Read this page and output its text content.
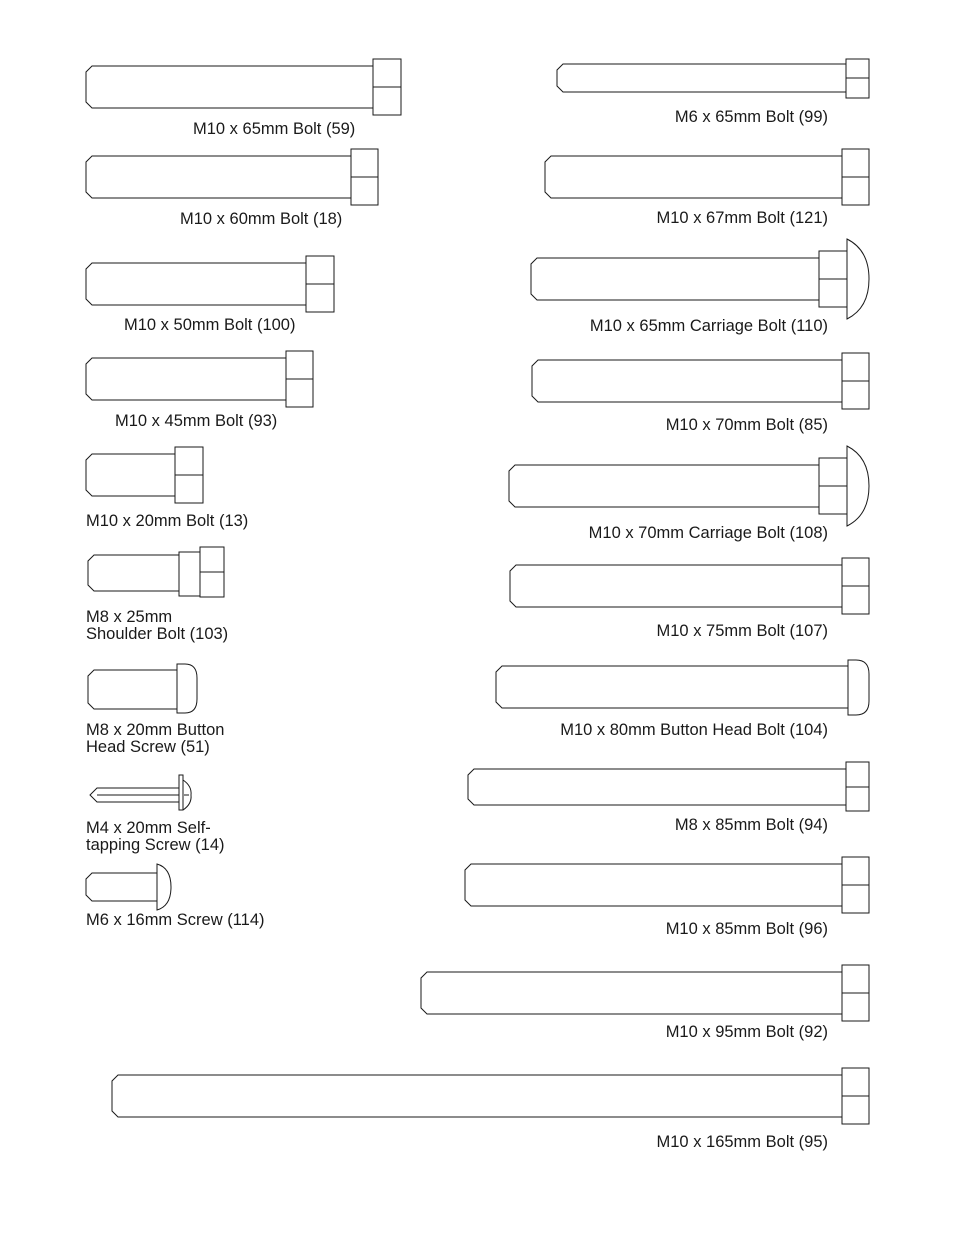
M10 x 65mm Bolt (59)
M10 x 60mm Bolt (18)
M10 x 50mm Bolt (100)
M10 x 45mm Bolt (93)
M10 x 20mm Bolt (13)
M8 x 25mm
Shoulder Bolt (103)
M8 x 20mm Button
Head Screw (51)
M4 x 20mm Self-
tapping Screw (14)
M6 x 16mm Screw (114)
M6 x 65mm Bolt (99)
M10 x 67mm Bolt (121)
M10 x 65mm Carriage Bolt (110)
M10 x 70mm Bolt (85)
M10 x 70mm Carriage Bolt (108)
M10 x 75mm Bolt (107)
M10 x 80mm Button Head Bolt (104)
M8 x 85mm Bolt (94)
M10 x 85mm Bolt (96)
M10 x 95mm Bolt (92)
M10 x 165mm Bolt (95)
